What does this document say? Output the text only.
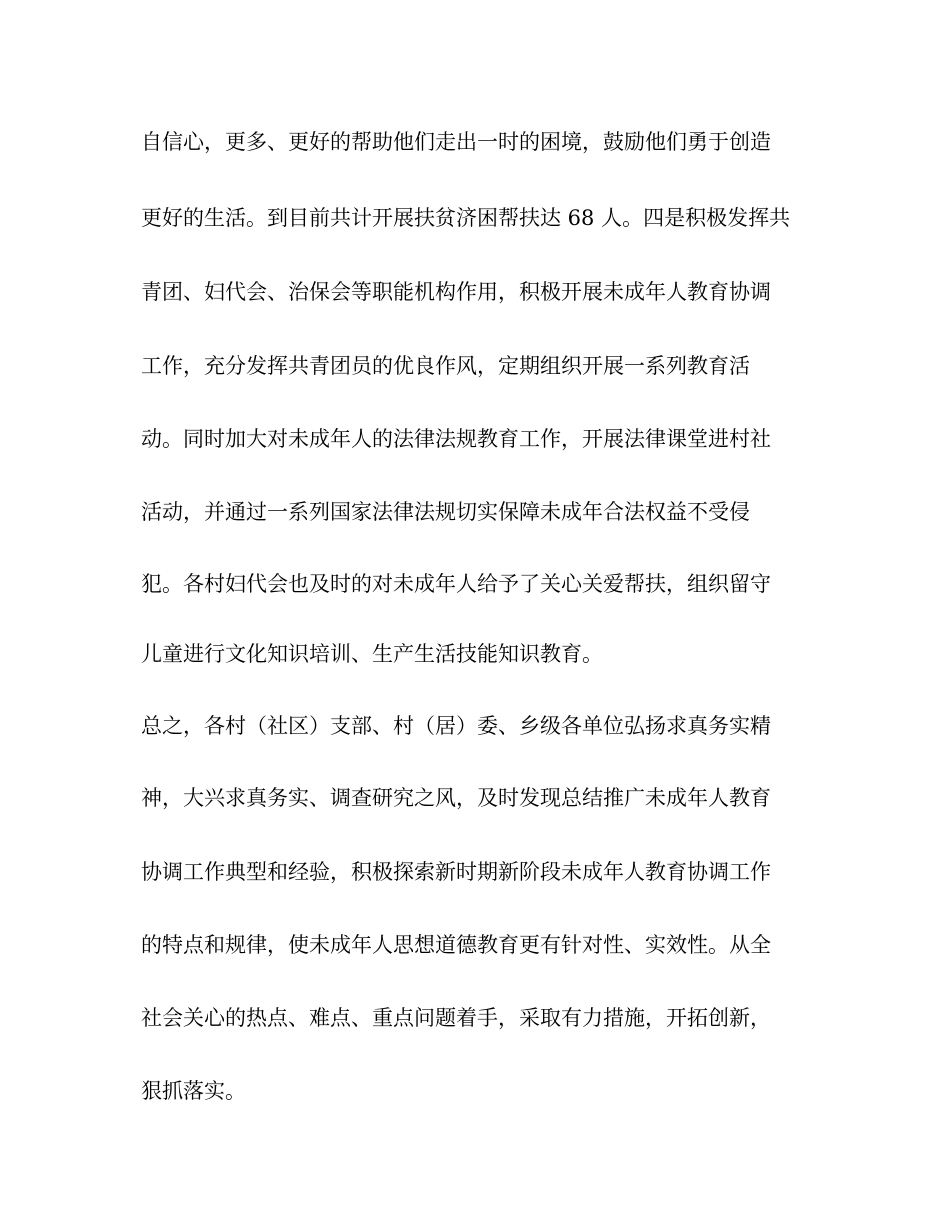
自信心，更多、更好的帮助他们走出一时的困境，鼓励他们勇于创造
更好的生活。到目前共计开展扶贫济困帮扶达 68 人。四是积极发挥共
青团、妇代会、治保会等职能机构作用，积极开展未成年人教育协调
工作，充分发挥共青团员的优良作风，定期组织开展一系列教育活
动。同时加大对未成年人的法律法规教育工作，开展法律课堂进村社
活动，并通过一系列国家法律法规切实保障未成年合法权益不受侵
犯。各村妇代会也及时的对未成年人给予了关心关爱帮扶，组织留守
儿童进行文化知识培训、生产生活技能知识教育。
总之，各村（社区）支部、村（居）委、乡级各单位弘扬求真务实精
神，大兴求真务实、调查研究之风，及时发现总结推广未成年人教育
协调工作典型和经验，积极探索新时期新阶段未成年人教育协调工作
的特点和规律，使未成年人思想道德教育更有针对性、实效性。从全
社会关心的热点、难点、重点问题着手，采取有力措施，开拓创新，
狠抓落实。
